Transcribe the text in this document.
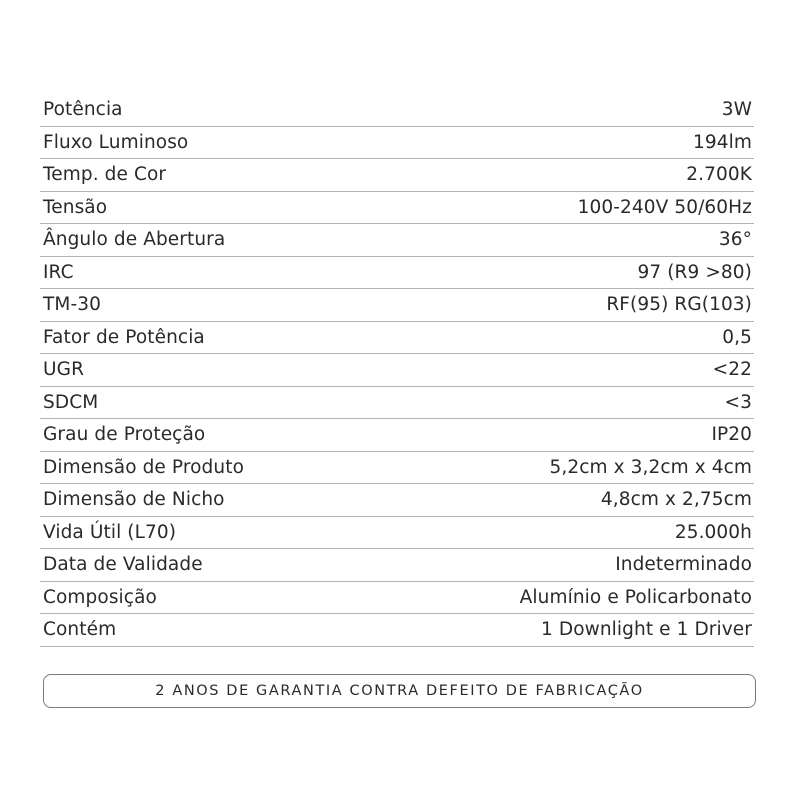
Potência	3W
Fluxo Luminoso	194lm
Temp. de Cor	2.700K
Tensão	100-240V 50/60Hz
Ângulo de Abertura	36°
IRC	97 (R9 >80)
TM-30	RF(95) RG(103)
Fator de Potência	0,5
UGR	<22
SDCM	<3
Grau de Proteção	IP20
Dimensão de Produto	5,2cm x 3,2cm x 4cm
Dimensão de Nicho	4,8cm x 2,75cm
Vida Útil (L70)	25.000h
Data de Validade	Indeterminado
Composição	Alumínio e Policarbonato
Contém	1 Downlight e 1 Driver
2 ANOS DE GARANTIA CONTRA DEFEITO DE FABRICAÇÃO
